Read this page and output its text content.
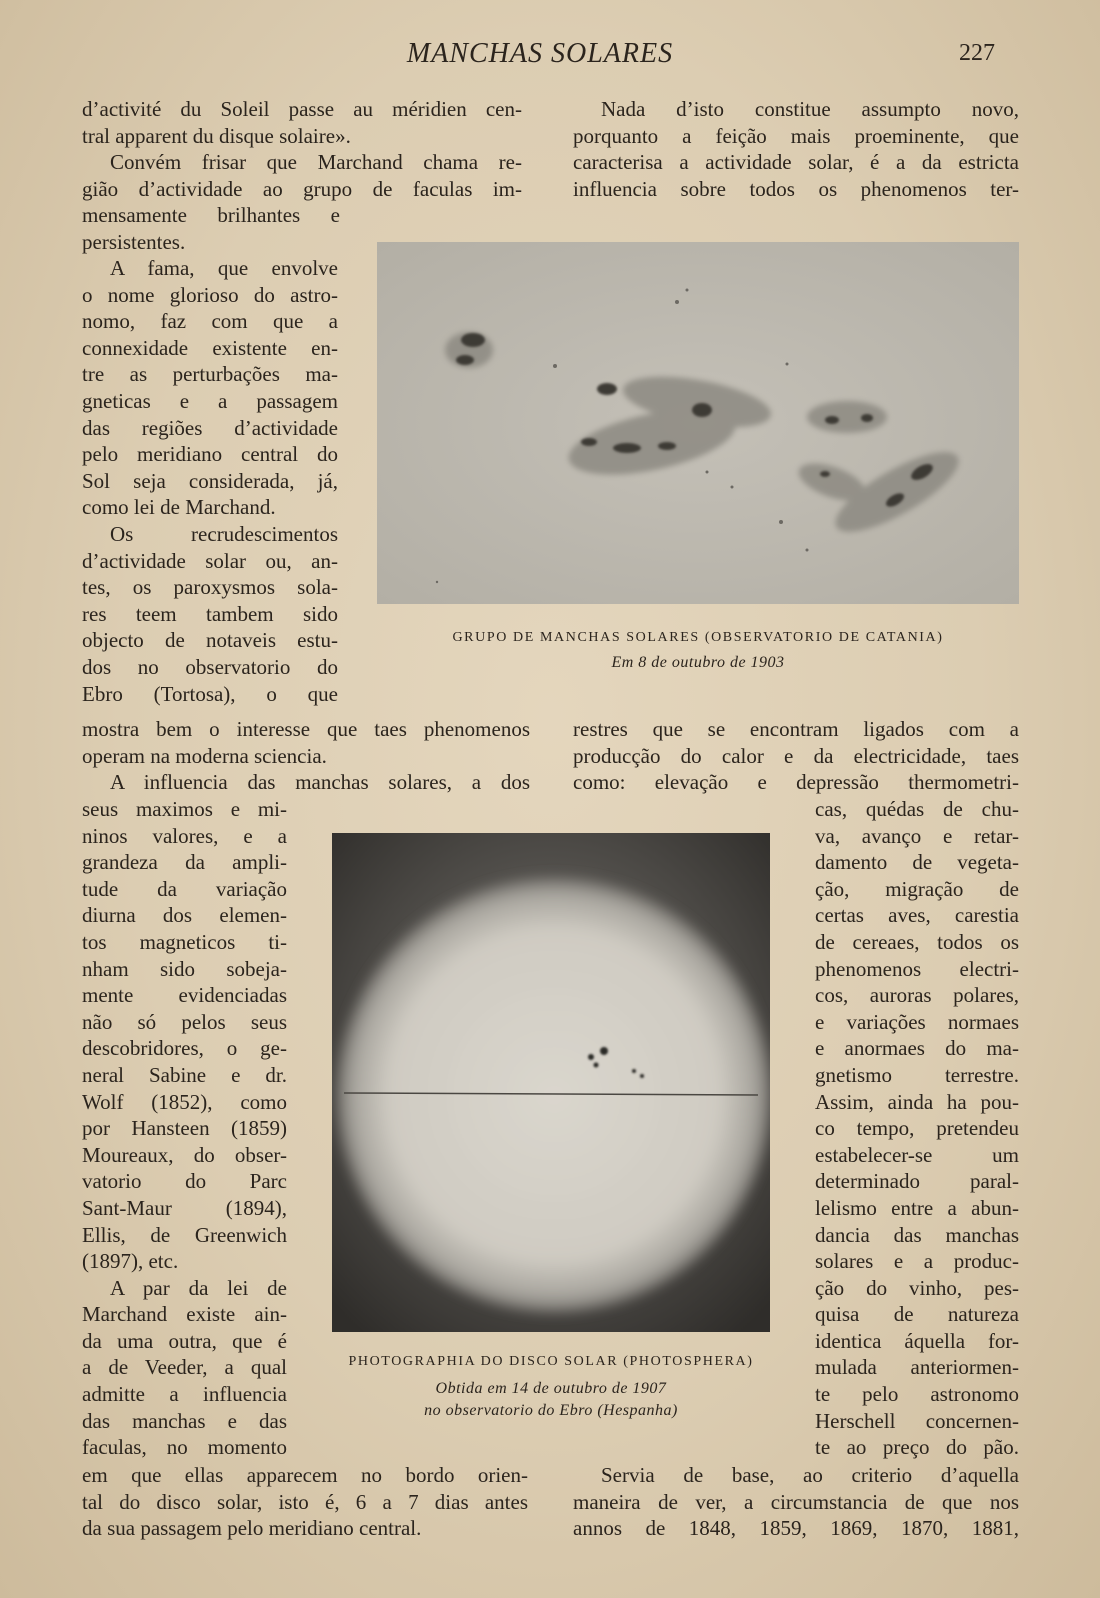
MANCHAS SOLARES	227
d’activité du Soleil passe au méridien cen-
tral apparent du disque solaire».
Convém frisar que Marchand chama re-
gião d’actividade ao grupo de faculas im-
mensamente brilhantes e
persistentes.
Nada d’isto constitue assumpto novo,
porquanto a feição mais proeminente, que
caracterisa a actividade solar, é a da estricta
influencia sobre todos os phenomenos ter-
A fama, que envolve
o nome glorioso do astro-
nomo, faz com que a
connexidade existente en-
tre as perturbações ma-
gneticas e a passagem
das regiões d’actividade
pelo meridiano central do
Sol seja considerada, já,
como lei de Marchand.
Os recrudescimentos
d’actividade solar ou, an-
tes, os paroxysmos sola-
res teem tambem sido
objecto de notaveis estu-
dos no observatorio do
Ebro (Tortosa), o que
GRUPO DE MANCHAS SOLARES (OBSERVATORIO DE CATANIA)
Em 8 de outubro de 1903
mostra bem o interesse que taes phenomenos
operam na moderna sciencia.
A influencia das manchas solares, a dos
restres que se encontram ligados com a
producção do calor e da electricidade, taes
como: elevação e depressão thermometri-
seus maximos e mi-
ninos valores, e a
grandeza da ampli-
tude da variação
diurna dos elemen-
tos magneticos ti-
nham sido sobeja-
mente evidenciadas
não só pelos seus
descobridores, o ge-
neral Sabine e dr.
Wolf (1852), como
por Hansteen (1859)
Moureaux, do obser-
vatorio do Parc
Sant-Maur (1894),
Ellis, de Greenwich
(1897), etc.
A par da lei de
Marchand existe ain-
da uma outra, que é
a de Veeder, a qual
admitte a influencia
das manchas e das
faculas, no momento
PHOTOGRAPHIA DO DISCO SOLAR (PHOTOSPHERA)
Obtida em 14 de outubro de 1907
no observatorio do Ebro (Hespanha)
cas, quédas de chu-
va, avanço e retar-
damento de vegeta-
ção, migração de
certas aves, carestia
de cereaes, todos os
phenomenos electri-
cos, auroras polares,
e variações normaes
e anormaes do ma-
gnetismo terrestre.
Assim, ainda ha pou-
co tempo, pretendeu
estabelecer-se um
determinado paral-
lelismo entre a abun-
dancia das manchas
solares e a produc-
ção do vinho, pes-
quisa de natureza
identica áquella for-
mulada anteriormen-
te pelo astronomo
Herschell concernen-
te ao preço do pão.
em que ellas apparecem no bordo orien-
tal do disco solar, isto é, 6 a 7 dias antes
da sua passagem pelo meridiano central.
Servia de base, ao criterio d’aquella
maneira de ver, a circumstancia de que nos
annos de 1848, 1859, 1869, 1870, 1881,
